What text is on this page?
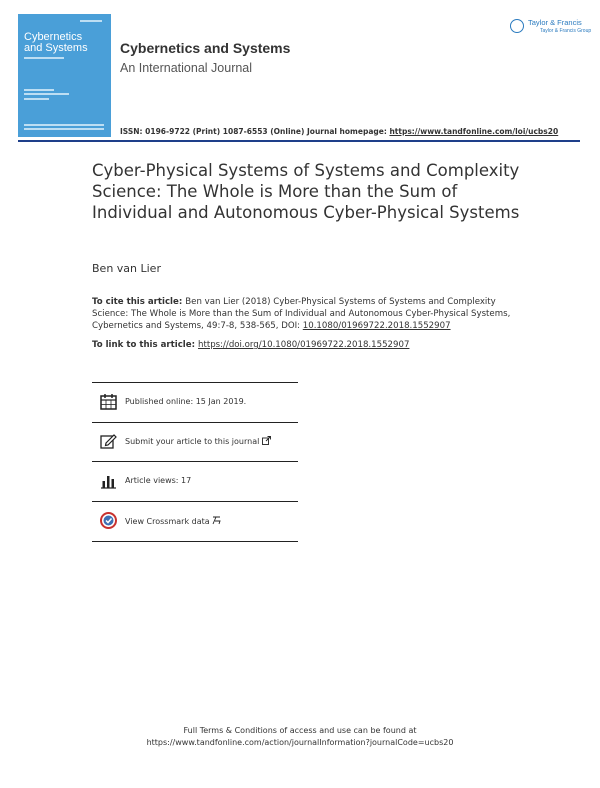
Cybernetics
and Systems Cybernetics and Systems
An International Journal
Taylor & Francis
Taylor & Francis Group
ISSN: 0196-9722 (Print) 1087-6553 (Online) Journal homepage: https://www.tandfonline.com/loi/ucbs20
Cyber-Physical Systems of Systems and Complexity Science: The Whole is More than the Sum of Individual and Autonomous Cyber-Physical Systems
Ben van Lier
To cite this article: Ben van Lier (2018) Cyber-Physical Systems of Systems and Complexity Science: The Whole is More than the Sum of Individual and Autonomous Cyber-Physical Systems, Cybernetics and Systems, 49:7-8, 538-565, DOI: 10.1080/01969722.2018.1552907
To link to this article: https://doi.org/10.1080/01969722.2018.1552907
Published online: 15 Jan 2019.
Submit your article to this journal
Article views: 17
View Crossmark data
Full Terms & Conditions of access and use can be found at
https://www.tandfonline.com/action/journalInformation?journalCode=ucbs20
